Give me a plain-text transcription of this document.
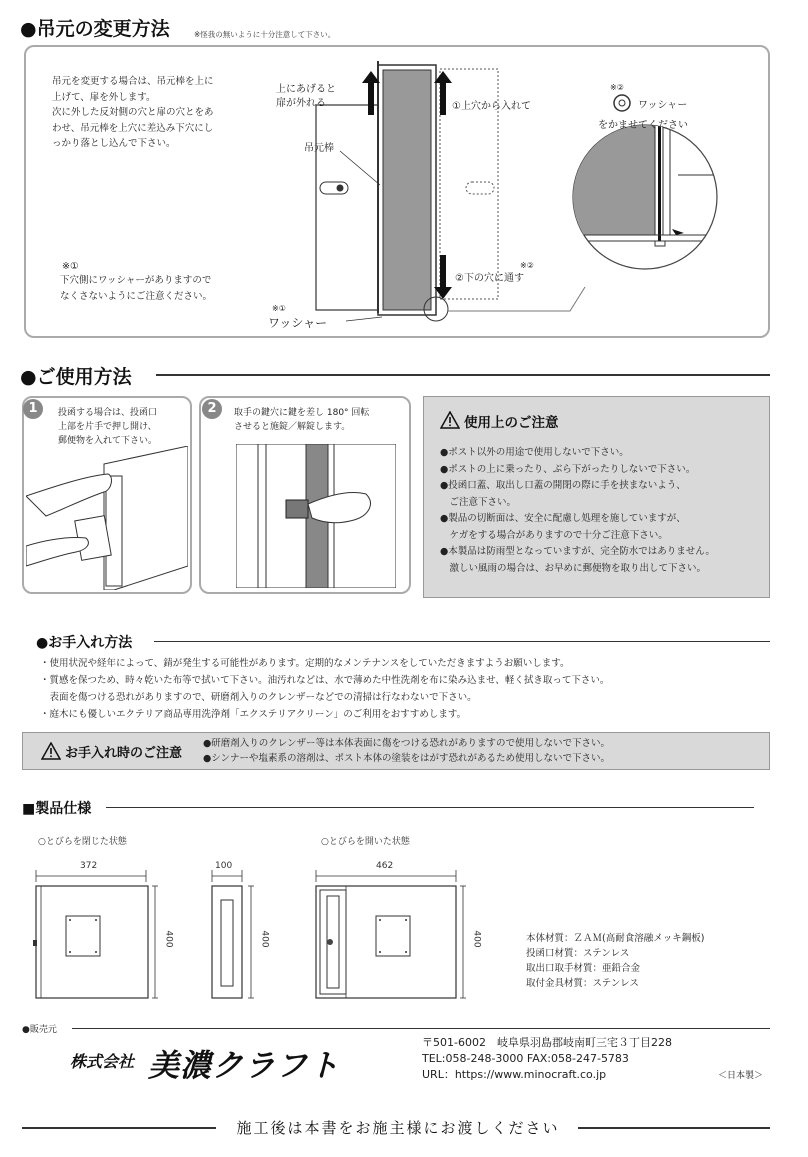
●吊元の変更方法	※怪我の無いように十分注意して下さい。
吊元を変更する場合は、吊元棒を上に
上げて、扉を外します。
次に外した反対側の穴と扉の穴とをあ
わせ、吊元棒を上穴に差込み下穴にし
っかり落とし込んで下さい。
※①
下穴側にワッシャーがありますので
なくさないようにご注意ください。
上にあげると
扉が外れる
吊元棒
①上穴から入れて
※②
②下の穴に通す
※①
ワッシャー
※②
ワッシャー
をかませてください
●ご使用方法
1	投函する場合は、投函口
上部を片手で押し開け、
郵便物を入れて下さい。
2	取手の鍵穴に鍵を差し 180° 回転
させると施錠／解錠します。	使用上のご注意
●ポスト以外の用途で使用しないで下さい。
●ポストの上に乗ったり、ぶら下がったりしないで下さい。
●投函口蓋、取出し口蓋の開閉の際に手を挟まないよう、
　ご注意下さい。
●製品の切断面は、安全に配慮し処理を施していますが、
　ケガをする場合がありますので十分ご注意下さい。
●本製品は防雨型となっていますが、完全防水ではありません。
　激しい風雨の場合は、お早めに郵便物を取り出して下さい。
●お手入れ方法
・使用状況や経年によって、錆が発生する可能性があります。定期的なメンテナンスをしていただきますようお願いします。
・質感を保つため、時々乾いた布等で拭いて下さい。油汚れなどは、水で薄めた中性洗剤を布に染み込ませ、軽く拭き取って下さい。
　表面を傷つける恐れがありますので、研磨剤入りのクレンザーなどでの清掃は行なわないで下さい。
・庭木にも優しいエクテリア商品専用洗浄剤「エクステリアクリーン」のご利用をおすすめします。
お手入れ時のご注意
●研磨剤入りのクレンザー等は本体表面に傷をつける恐れがありますので使用しないで下さい。
●シンナーや塩素系の溶剤は、ポスト本体の塗装をはがす恐れがあるため使用しないで下さい。
■製品仕様
○とびらを閉じた状態	○とびらを開いた状態
372
400
100
400
462
400	本体材質：ＺＡＭ(高耐食溶融メッキ鋼板)
投函口材質：ステンレス
取出口取手材質：亜鉛合金
取付金具材質：ステンレス
●販売元
株式会社 美濃クラフト
〒501-6002　岐阜県羽島郡岐南町三宅３丁目228
TEL:058-248-3000 FAX:058-247-5783
URL：https://www.minocraft.co.jp	＜日本製＞
施工後は本書をお施主様にお渡しください
